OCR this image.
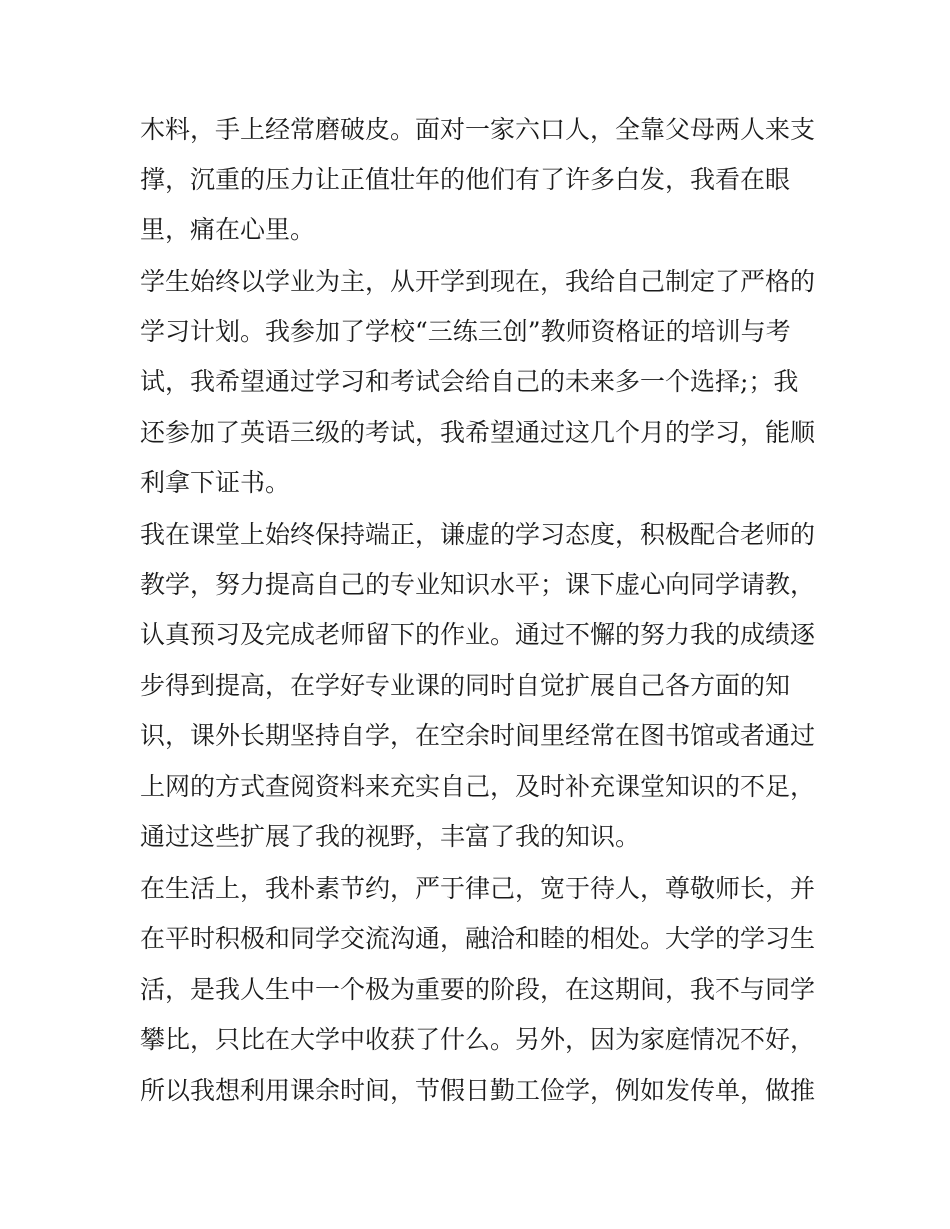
木料，手上经常磨破皮。面对一家六口人，全靠父母两人来支
撑，沉重的压力让正值壮年的他们有了许多白发，我看在眼
里，痛在心里。
学生始终以学业为主，从开学到现在，我给自己制定了严格的
学习计划。我参加了学校“三练三创”教师资格证的培训与考
试，我希望通过学习和考试会给自己的未来多一个选择;；我
还参加了英语三级的考试，我希望通过这几个月的学习，能顺
利拿下证书。
我在课堂上始终保持端正，谦虚的学习态度，积极配合老师的
教学，努力提高自己的专业知识水平；课下虚心向同学请教，
认真预习及完成老师留下的作业。通过不懈的努力我的成绩逐
步得到提高，在学好专业课的同时自觉扩展自己各方面的知
识，课外长期坚持自学，在空余时间里经常在图书馆或者通过
上网的方式查阅资料来充实自己，及时补充课堂知识的不足，
通过这些扩展了我的视野，丰富了我的知识。
在生活上，我朴素节约，严于律己，宽于待人，尊敬师长，并
在平时积极和同学交流沟通，融洽和睦的相处。大学的学习生
活，是我人生中一个极为重要的阶段，在这期间，我不与同学
攀比，只比在大学中收获了什么。另外，因为家庭情况不好，
所以我想利用课余时间，节假日勤工俭学，例如发传单，做推
